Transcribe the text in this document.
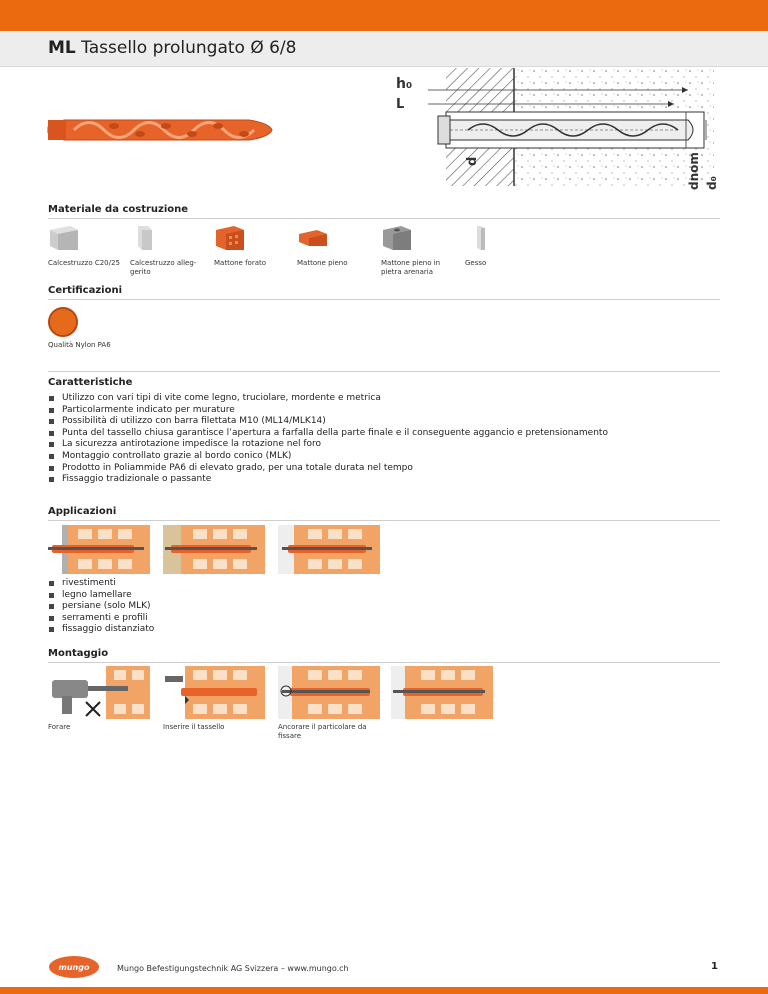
ML Tassello prolungato Ø 6/8
h₀
L
d	dnom d₀
Materiale da costruzione
Calcestruzzo C20/25	Calcestruzzo alleg-gerito
Mattone forato	Mattone pieno	Mattone pieno in pietra arenaria
Gesso
Certificazioni
Qualità Nylon PA6
Caratteristiche
Utilizzo con vari tipi di vite come legno, truciolare, mordente e metrica
Particolarmente indicato per murature
Possibilità di utilizzo con barra filettata M10 (ML14/MLK14)
Punta del tassello chiusa garantisce l’apertura a farfalla della parte finale e il conseguente aggancio e pretensionamento
La sicurezza antirotazione impedisce la rotazione nel foro
Montaggio controllato grazie al bordo conico (MLK)
Prodotto in Poliammide PA6 di elevato grado, per una totale durata nel tempo
Fissaggio tradizionale o passante
Applicazioni
rivestimenti
legno lamellare
persiane (solo MLK)
serramenti e profili
fissaggio distanziato
Montaggio
Forare	Inserire il tassello	Ancorare il particolare da fissare
mungo	Mungo Befestigungstechnik AG Svizzera – www.mungo.ch	1
